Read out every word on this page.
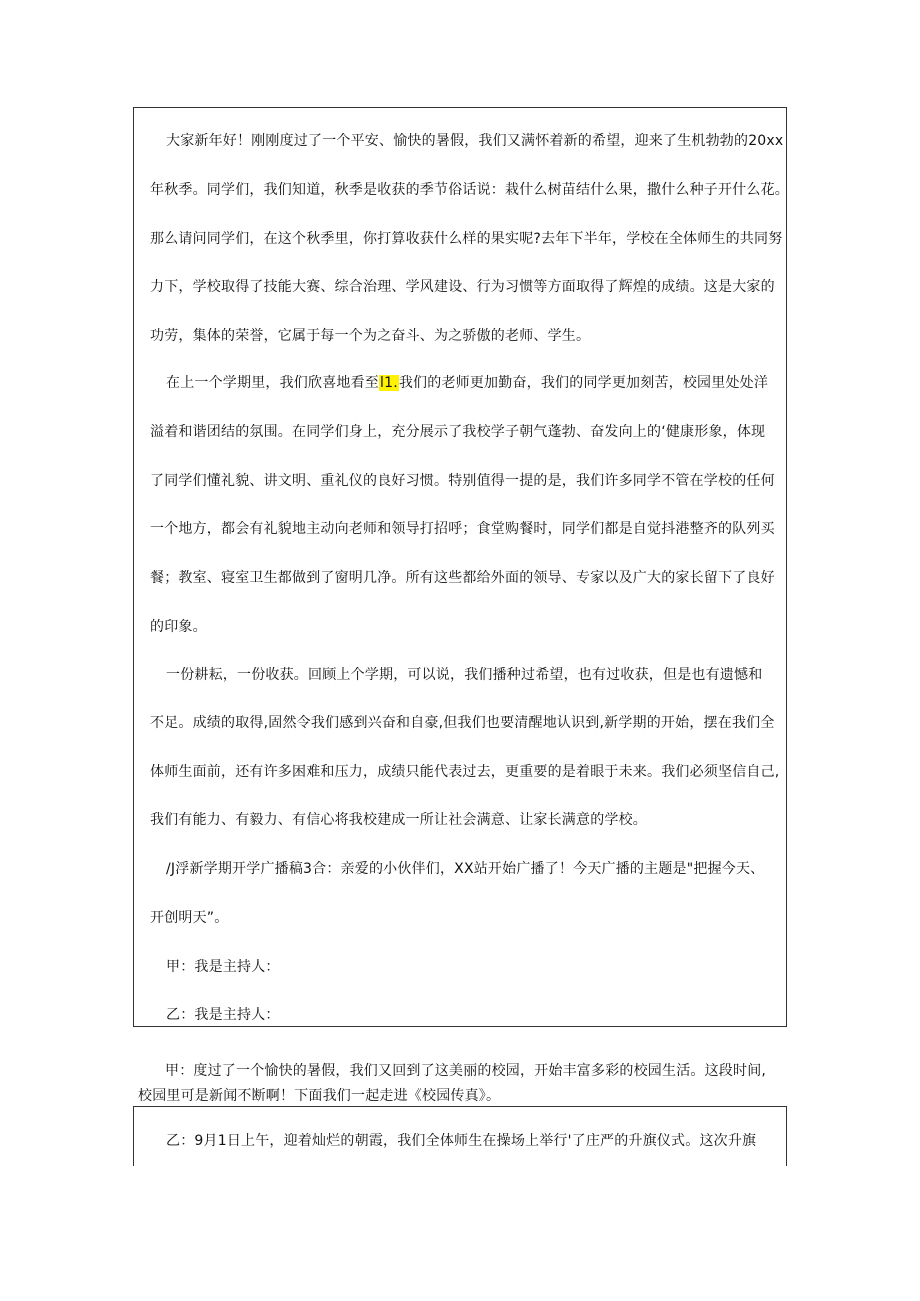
大家新年好！刚刚度过了一个平安、愉快的暑假，我们又满怀着新的希望，迎来了生机勃勃的20xx
年秋季。同学们，我们知道，秋季是收获的季节俗话说：栽什么树苗结什么果，撒什么种子开什么花。
那么请问同学们，在这个秋季里，你打算收获什么样的果实呢?去年下半年，学校在全体师生的共同努
力下，学校取得了技能大赛、综合治理、学风建设、行为习惯等方面取得了辉煌的成绩。这是大家的
功劳，集体的荣誉，它属于每一个为之奋斗、为之骄傲的老师、学生。
在上一个学期里，我们欣喜地看至l1.我们的老师更加勤奋，我们的同学更加刻苦，校园里处处洋
溢着和谐团结的氛围。在同学们身上，充分展示了我校学子朝气蓬勃、奋发向上的‘健康形象，体现
了同学们懂礼貌、讲文明、重礼仪的良好习惯。特别值得一提的是，我们许多同学不管在学校的任何
一个地方，都会有礼貌地主动向老师和领导打招呼；食堂购餐时，同学们都是自觉抖港整齐的队列买
餐；教室、寝室卫生都做到了窗明几净。所有这些都给外面的领导、专家以及广大的家长留下了良好
的印象。
一份耕耘，一份收获。回顾上个学期，可以说，我们播种过希望，也有过收获，但是也有遗憾和
不足。成绩的取得,固然令我们感到兴奋和自豪,但我们也要清醒地认识到,新学期的开始，摆在我们全
体师生面前，还有许多困难和压力，成绩只能代表过去，更重要的是着眼于未来。我们必须坚信自己,
我们有能力、有毅力、有信心将我校建成一所让社会满意、让家长满意的学校。
/J浮新学期开学广播稿3合：亲爱的小伙伴们，XX站开始广播了！今天广播的主题是"把握今天、
开创明天”。
甲：我是主持人：
乙：我是主持人：
甲：度过了一个愉快的暑假，我们又回到了这美丽的校园，开始丰富多彩的校园生活。这段时间,
校园里可是新闻不断啊！下面我们一起走进《校园传真》。
乙：9月1日上午，迎着灿烂的朝霞，我们全体师生在操场上举行'了庄严的升旗仪式。这次升旗
